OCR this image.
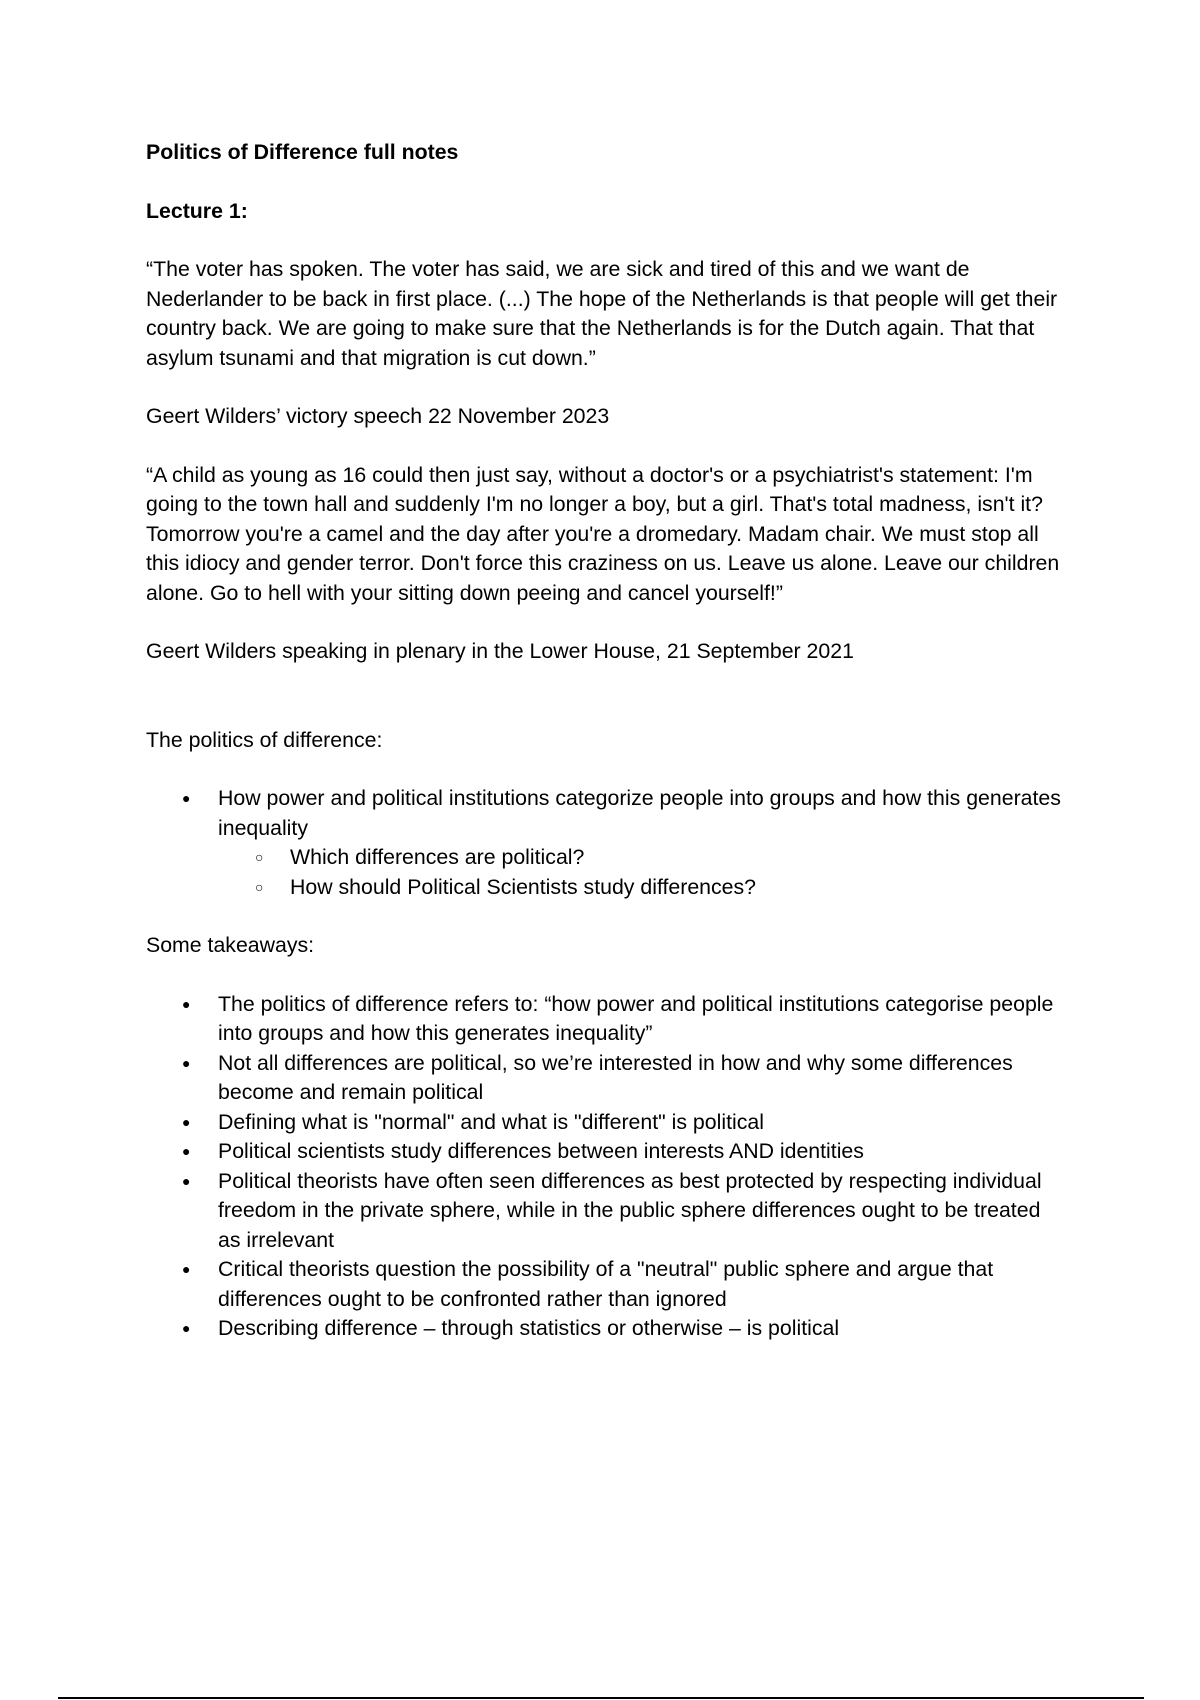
Politics of Difference full notes

Lecture 1:

“The voter has spoken. The voter has said, we are sick and tired of this and we want de Nederlander to be back in first place. (...) The hope of the Netherlands is that people will get their country back. We are going to make sure that the Netherlands is for the Dutch again. That that asylum tsunami and that migration is cut down.”

Geert Wilders’ victory speech 22 November 2023

“A child as young as 16 could then just say, without a doctor's or a psychiatrist's statement: I'm going to the town hall and suddenly I'm no longer a boy, but a girl. That's total madness, isn't it? Tomorrow you're a camel and the day after you're a dromedary. Madam chair. We must stop all this idiocy and gender terror. Don't force this craziness on us. Leave us alone. Leave our children alone. Go to hell with your sitting down peeing and cancel yourself!”

Geert Wilders speaking in plenary in the Lower House, 21 September 2021

The politics of difference:

● How power and political institutions categorize people into groups and how this generates inequality
○ Which differences are political?
○ How should Political Scientists study differences?

Some takeaways:

● The politics of difference refers to: “how power and political institutions categorise people into groups and how this generates inequality”
● Not all differences are political, so we’re interested in how and why some differences become and remain political
● Defining what is "normal" and what is "different" is political
● Political scientists study differences between interests AND identities
● Political theorists have often seen differences as best protected by respecting individual freedom in the private sphere, while in the public sphere differences ought to be treated as irrelevant
● Critical theorists question the possibility of a "neutral" public sphere and argue that differences ought to be confronted rather than ignored
● Describing difference – through statistics or otherwise – is political
